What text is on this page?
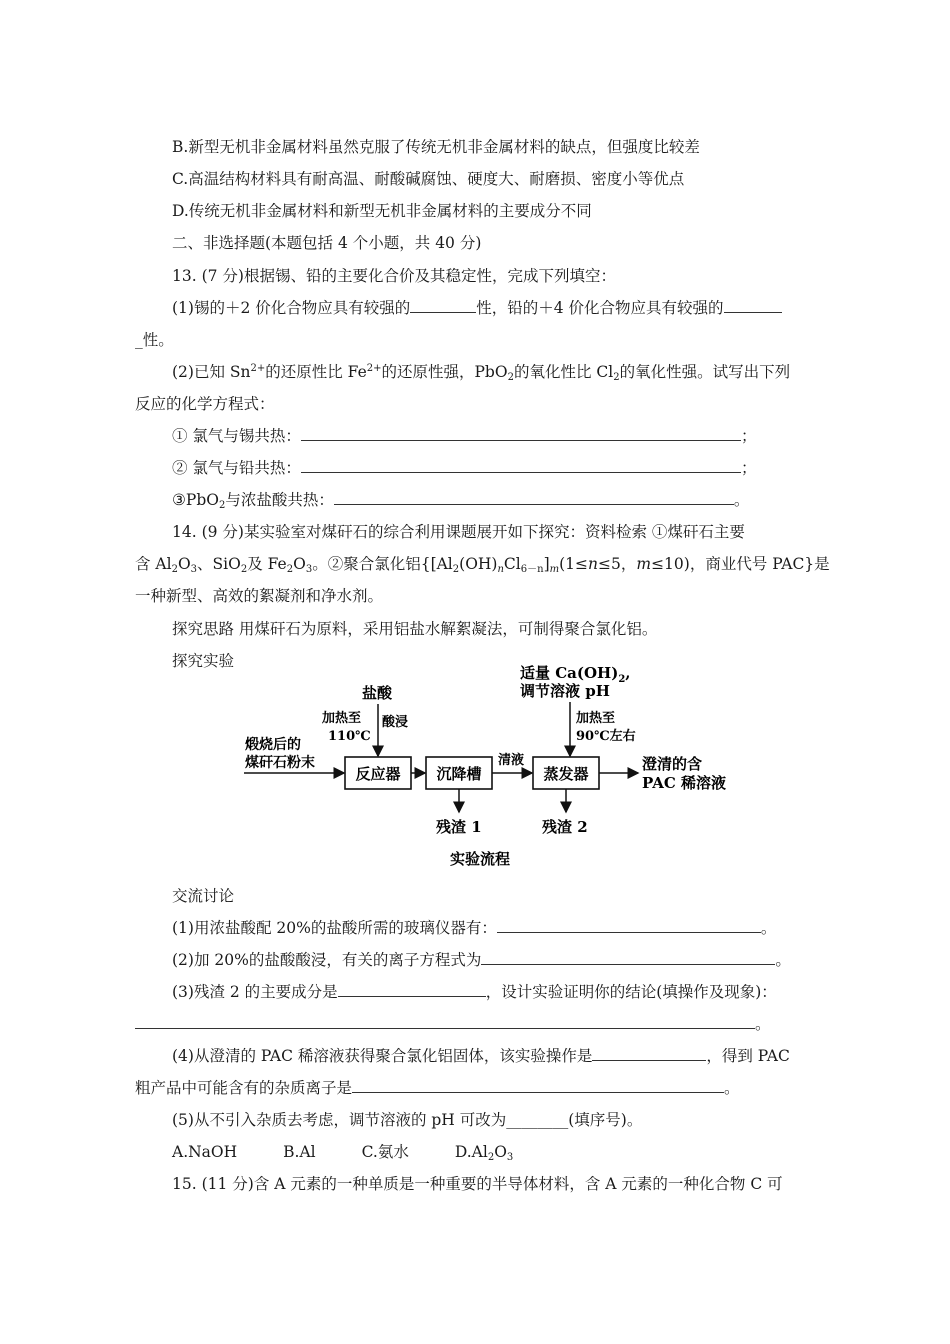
B.新型无机非金属材料虽然克服了传统无机非金属材料的缺点，但强度比较差
C.高温结构材料具有耐高温、耐酸碱腐蚀、硬度大、耐磨损、密度小等优点
D.传统无机非金属材料和新型无机非金属材料的主要成分不同
二、非选择题(本题包括 4 个小题，共 40 分)
13. (7 分)根据锡、铅的主要化合价及其稳定性，完成下列填空：
(1)锡的＋2 价化合物应具有较强的	性，铅的＋4 价化合物应具有较强的
_性。
(2)已知 $Sn^{2+}$的还原性比 $Fe^{2+}$的还原性强，PbO$_2$的氧化性比 $Cl_2$的氧化性强。试写出下列
反应的化学方程式：
① 氯气与锡共热：	；
② 氯气与铅共热：	；
③PbO$_2$与浓盐酸共热：	。
14. (9 分)某实验室对煤矸石的综合利用课题展开如下探究：资料检索 ①煤矸石主要
含 $Al_2O_3$、SiO$_2$及 $Fe_2O_3$。②聚合氯化铝{$[Al_2(OH)_nCl_{6-n}]_m(1\le n\le 5$，m≤10)，商业代号 PAC}是
一种新型、高效的絮凝剂和净水剂。
探究思路 用煤矸石为原料，采用铝盐水解絮凝法，可制得聚合氯化铝。
探究实验
反应器 沉降槽	蒸发器
煅烧后的
煤矸石粉末
盐酸
加热至
110℃
酸浸
清液
适量 $Ca(OH)_2$,
调节溶液 pH
加热至
90℃左右
澄清的含
PAC 稀溶液
残渣 1	残渣 2
实验流程
交流讨论
(1)用浓盐酸配 20%的盐酸所需的玻璃仪器有：	。
(2)加 20%的盐酸酸浸，有关的离子方程式为	。
(3)残渣 2 的主要成分是	，设计实验证明你的结论(填操作及现象)：
。
(4)从澄清的 PAC 稀溶液获得聚合氯化铝固体，该实验操作是	，得到 PAC
粗产品中可能含有的杂质离子是	。
(5)从不引入杂质去考虑，调节溶液的 pH 可改为________(填序号)。
A.NaOH	B.Al	C.氨水	$D.Al_2O_3$
15. (11 分)含 A 元素的一种单质是一种重要的半导体材料，含 A 元素的一种化合物 C 可
